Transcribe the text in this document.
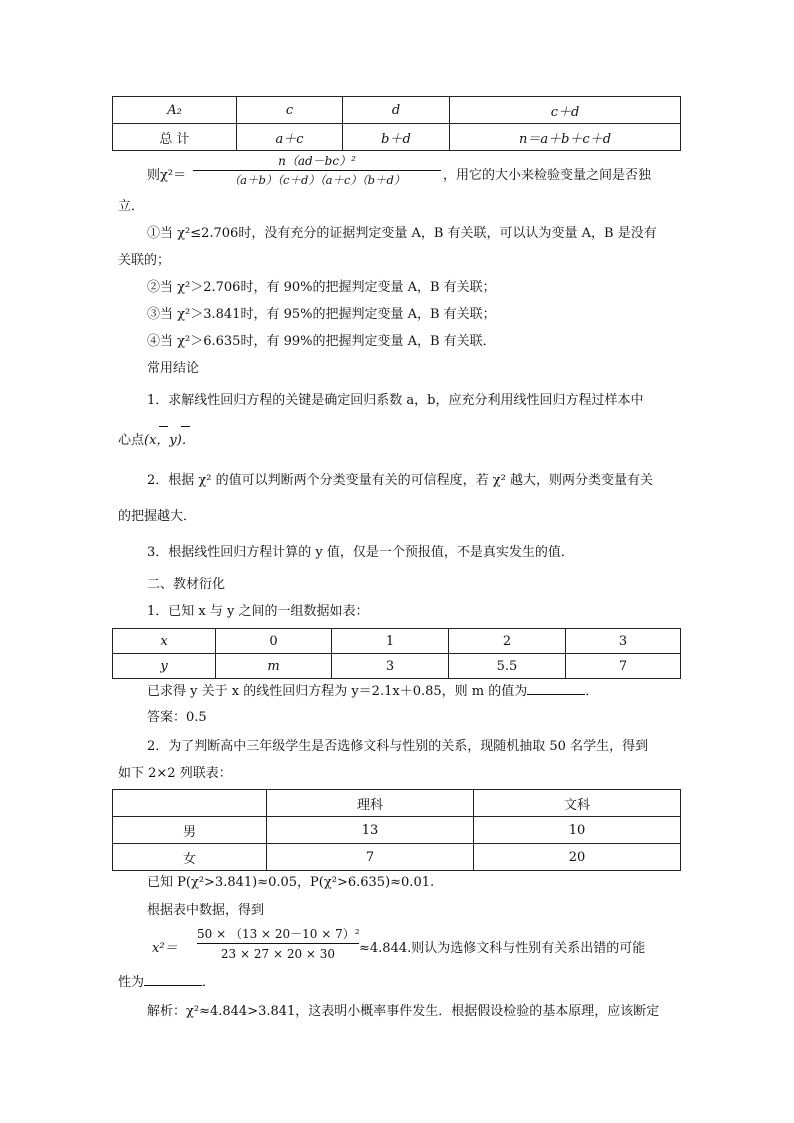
A₂	c	d	c＋d
总 计	a＋c	b＋d	n＝a＋b＋c＋d
则χ²＝
n（ad－bc）²
（a＋b）（c＋d）（a＋c）（b＋d）	，用它的大小来检验变量之间是否独
立．
①当 χ²≤2.706时，没有充分的证据判定变量 A，B 有关联，可以认为变量 A，B 是没有
关联的；
②当 χ²＞2.706时，有 90%的把握判定变量 A，B 有关联；
③当 χ²＞3.841时，有 95%的把握判定变量 A，B 有关联；
④当 χ²＞6.635时，有 99%的把握判定变量 A，B 有关联．
常用结论
1．求解线性回归方程的关键是确定回归系数 a，b，应充分利用线性回归方程过样本中
心点(x，y)．
2．根据 χ² 的值可以判断两个分类变量有关的可信程度，若 χ² 越大，则两分类变量有关
的把握越大．
3．根据线性回归方程计算的 y 值，仅是一个预报值，不是真实发生的值．
二、教材衍化
1．已知 x 与 y 之间的一组数据如表：
x	0	1	2	3
y	m	3	5.5	7
已求得 y 关于 x 的线性回归方程为 y＝2.1x＋0.85，则 m 的值为	．
答案：0.5
2．为了判断高中三年级学生是否选修文科与性别的关系，现随机抽取 50 名学生，得到
如下 2×2 列联表：
	理科	文科
男	13	10
女	7	20
已知 P(χ²>3.841)≈0.05，P(χ²>6.635)≈0.01.
根据表中数据，得到
x²＝
50 × （13 × 20－10 × 7）²
23 × 27 × 20 × 30	≈4.844.则认为选修文科与性别有关系出错的可能
性为	．
解析：χ²≈4.844>3.841，这表明小概率事件发生．根据假设检验的基本原理，应该断定
